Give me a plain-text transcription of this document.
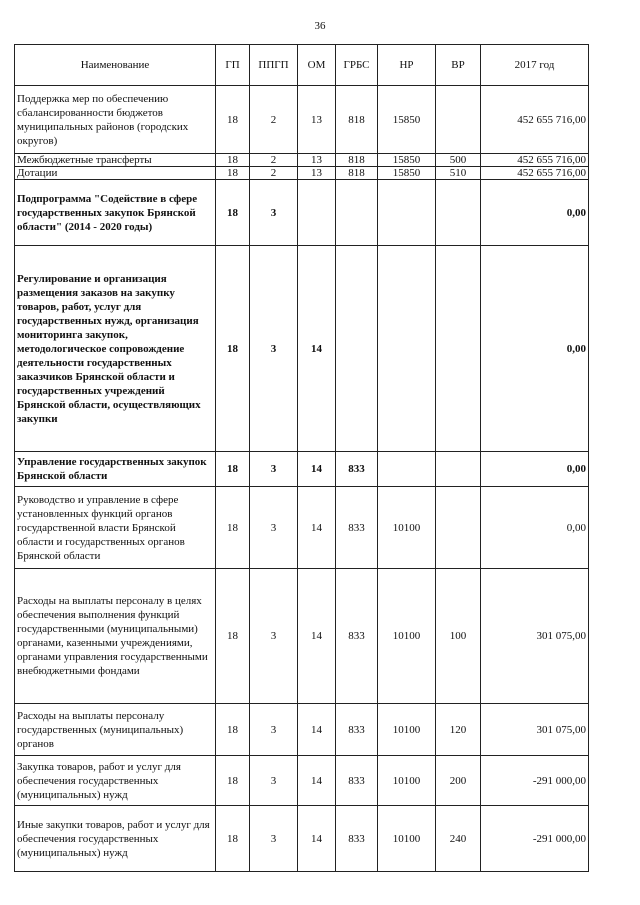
36
Наименование	ГП	ППГП	ОМ	ГРБС	НР	ВР	2017 год
Поддержка мер по обеспечению сбалансированности бюджетов муниципальных районов (городских округов)	18	2	13	818	15850		452 655 716,00
Межбюджетные трансферты	18	2	13	818	15850	500	452 655 716,00
Дотации	18	2	13	818	15850	510	452 655 716,00
Подпрограмма "Содействие в сфере государственных закупок Брянской области" (2014 - 2020 годы)	18	3					0,00
Регулирование и организация размещения заказов на закупку товаров, работ, услуг для государственных нужд, организация мониторинга закупок, методологическое сопровождение деятельности государственных заказчиков Брянской области и государственных учреждений Брянской области, осуществляющих закупки	18	3	14				0,00
Управление государственных закупок Брянской области	18	3	14	833			0,00
Руководство и управление в сфере установленных функций органов государственной власти Брянской области и государственных органов Брянской области	18	3	14	833	10100		0,00
Расходы на выплаты персоналу в целях обеспечения выполнения функций государственными (муниципальными) органами, казенными учреждениями, органами управления государственными внебюджетными фондами	18	3	14	833	10100	100	301 075,00
Расходы на выплаты персоналу государственных (муниципальных) органов	18	3	14	833	10100	120	301 075,00
Закупка товаров, работ и услуг для обеспечения государственных (муниципальных) нужд	18	3	14	833	10100	200	-291 000,00
Иные закупки товаров, работ и услуг для обеспечения государственных (муниципальных) нужд	18	3	14	833	10100	240	-291 000,00
